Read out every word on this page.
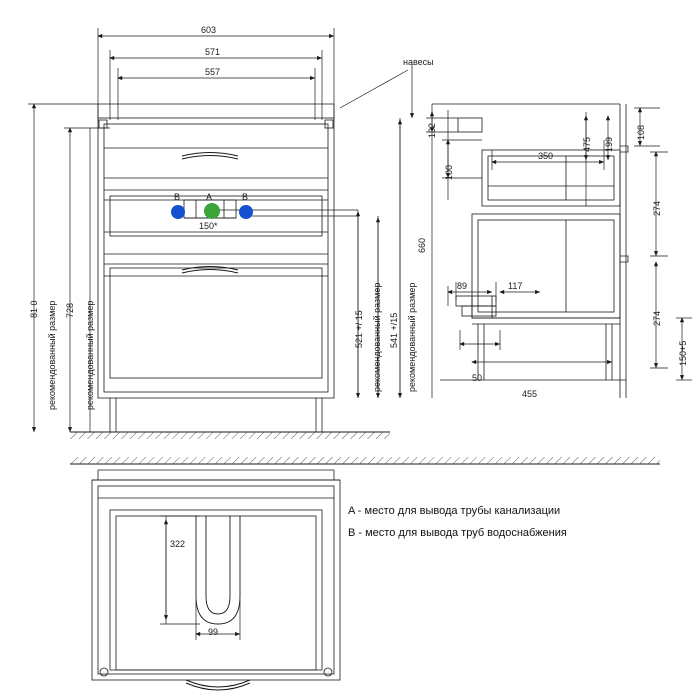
603
571
557
81 0 рекомендованный размер 728 рекомендованный размер	521 +/ 15 рекомендованный размер 541 +/15 рекомендованный размер
660
навесы
A
B	B
150*
132
100
350
475 199
108
274
274
150+5
89	117
50
455
322
99
A - место для вывода трубы канализации
B - место для вывода труб водоснабжения
